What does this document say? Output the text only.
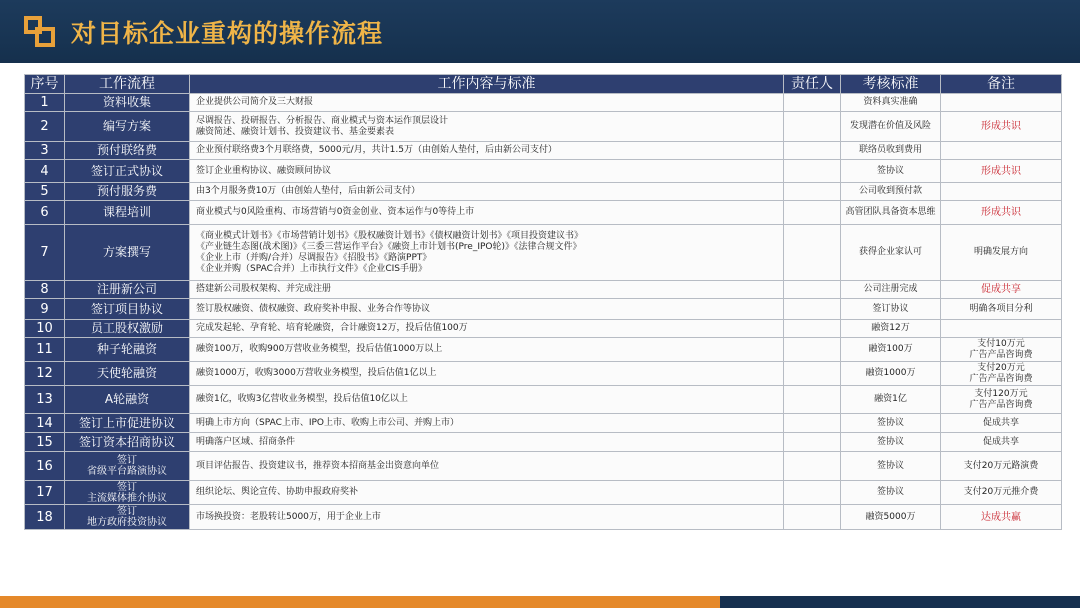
对目标企业重构的操作流程
序号	工作流程	工作内容与标准	责任人	考核标准	备注
1	资料收集	企业提供公司简介及三大财报		资料真实准确	
2	编写方案	尽调报告、投研报告、分析报告、商业模式与资本运作顶层设计
融资简述、融资计划书、投资建议书、基金要素表		发现潜在价值及风险	形成共识
3	预付联络费	企业预付联络费3个月联络费，5000元/月，共计1.5万（由创始人垫付，后由新公司支付）		联络员收到费用	
4	签订正式协议	签订企业重构协议、融资顾问协议		签协议	形成共识
5	预付服务费	由3个月服务费10万（由创始人垫付，后由新公司支付）		公司收到预付款	
6	课程培训	商业模式与0风险重构、市场营销与0资金创业、资本运作与0等待上市		高管团队具备资本思维	形成共识
7	方案撰写	《商业模式计划书》《市场营销计划书》《股权融资计划书》《债权融资计划书》《项目投资建议书》
《产业链生态图(战术图)》《三委三营运作平台》《融资上市计划书(Pre_IPO轮)》《法律合规文件》
《企业上市（并购/合并）尽调报告》《招股书》《路演PPT》
《企业并购（SPAC合并）上市执行文件》《企业CIS手册》		获得企业家认可	明确发展方向
8	注册新公司	搭建新公司股权架构、并完成注册		公司注册完成	促成共享
9	签订项目协议	签订股权融资、债权融资、政府奖补申报、业务合作等协议		签订协议	明确各项目分利
10	员工股权激励	完成发起轮、孕育轮、培育轮融资，合计融资12万，投后估值100万		融资12万	
11	种子轮融资	融资100万，收购900万营收业务模型，投后估值1000万以上		融资100万	支付10万元
广告产品咨询费
12	天使轮融资	融资1000万，收购3000万营收业务模型，投后估值1亿以上		融资1000万	支付20万元
广告产品咨询费
13	A轮融资	融资1亿，收购3亿营收业务模型，投后估值10亿以上		融资1亿	支付120万元
广告产品咨询费
14	签订上市促进协议	明确上市方向（SPAC上市、IPO上市、收购上市公司、并购上市）		签协议	促成共享
15	签订资本招商协议	明确落户区域、招商条件		签协议	促成共享
16	签订
省级平台路演协议	项目评估报告、投资建议书，推荐资本招商基金出资意向单位		签协议	支付20万元路演费
17	签订
主流媒体推介协议	组织论坛、舆论宣传、协助申报政府奖补		签协议	支付20万元推介费
18	签订
地方政府投资协议	市场换投资：老股转让5000万，用于企业上市		融资5000万	达成共赢
